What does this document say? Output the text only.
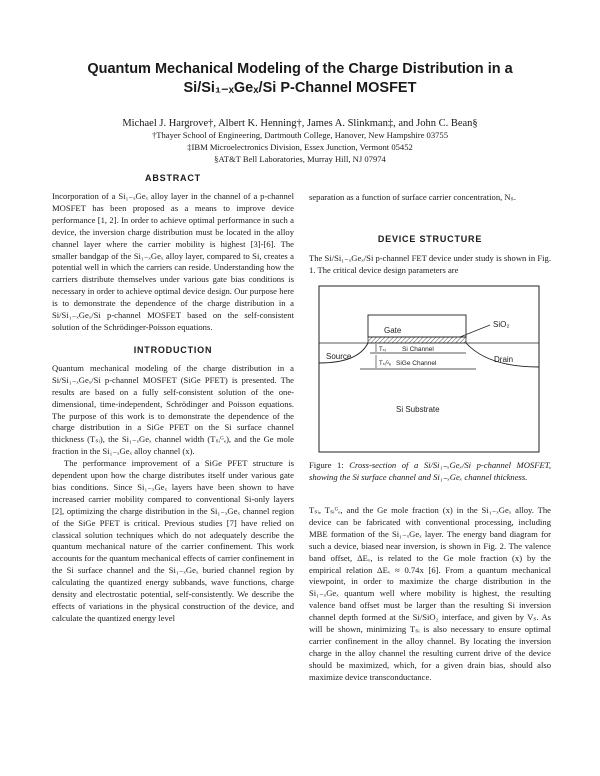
Quantum Mechanical Modeling of the Charge Distribution in a
Si/Si₁₋ₓGeₓ/Si P-Channel MOSFET
Michael J. Hargrove†, Albert K. Henning†, James A. Slinkman‡, and John C. Bean§
†Thayer School of Engineering, Dartmouth College, Hanover, New Hampshire 03755
‡IBM Microelectronics Division, Essex Junction, Vermont 05452
§AT&T Bell Laboratories, Murray Hill, NJ 07974
ABSTRACT

Incorporation of a Si₁₋ₓGeₓ alloy layer in the channel of a p-channel MOSFET has been proposed as a means to improve device performance [1, 2]. In order to achieve optimal performance in such a device, the inversion charge distribution must be located in the alloy channel layer where the carrier mobility is highest [3]-[6]. The smaller bandgap of the Si₁₋ₓGeₓ alloy layer, compared to Si, creates a potential well in which the carriers can reside. Understanding how the carriers distribute themselves under various gate bias conditions is necessary in order to achieve optimal device design. Our purpose here is to demonstrate the dependence of the charge distribution in a Si/Si₁₋ₓGeₓ/Si p-channel MOSFET based on the self-consistent solution of the Schrödinger-Poisson equations.

INTRODUCTION

Quantum mechanical modeling of the charge distribution in a Si/Si₁₋ₓGeₓ/Si p-channel MOSFET (SiGe PFET) is presented. The results are based on a fully self-consistent solution of the one-dimensional, time-independent, Schrödinger and Poisson equations. The purpose of this work is to demonstrate the dependence of the charge distribution in a SiGe PFET on the Si surface channel thickness (Tₛᵢ), the Si₁₋ₓGeₓ channel width (Tₛᵢᴳₑ), and the Ge mole fraction in the Si₁₋ₓGeₓ alloy channel (x).

The performance improvement of a SiGe PFET structure is dependent upon how the charge distributes itself under various gate bias conditions. Since Si₁₋ₓGeₓ layers have been shown to have increased carrier mobility compared to conventional Si-only layers [2], optimizing the charge distribution in the Si₁₋ₓGeₓ channel region of the SiGe PFET is critical. Previous studies [7] have relied on classical solution techniques which do not adequately describe the quantum mechanical nature of the carrier confinement. This work accounts for the quantum mechanical effects of carrier confinement in the Si surface channel and the Si₁₋ₓGeₓ buried channel region by calculating the quantized energy subbands, wave functions, charge density and electrostatic potential, self-consistently. We describe the effects of variations in the physical construction of the device, and calculate the quantized energy level

separation as a function of surface carrier concentration, Nₛ.
DEVICE STRUCTURE
The Si/Si₁₋ₓGeₓ/Si p-channel FET device under study is shown in Fig. 1. The critical device design parameters are
Gate
SiO₂
Source	Drain
Si Channel
SiGe Channel
Tₛᵢ
Tₛᵢᴳₑ
Si Substrate
Figure 1: Cross-section of a Si/Si₁₋ₓGeₓ/Si p-channel MOSFET, showing the Si surface channel and Si₁₋ₓGeₓ channel thickness.
Tₛᵢ, Tₛᵢᴳₑ, and the Ge mole fraction (x) in the Si₁₋ₓGeₓ alloy. The device can be fabricated with conventional processing, including MBE formation of the Si₁₋ₓGeₓ layer. The energy band diagram for such a device, biased near inversion, is shown in Fig. 2. The valence band offset, ΔEᵥ, is related to the Ge mole fraction (x) by the empirical relation ΔEᵥ ≈ 0.74x [6]. From a quantum mechanical viewpoint, in order to maximize the charge distribution in the Si₁₋ₓGeₓ quantum well where mobility is highest, the resulting valence band offset must be larger than the resulting Si inversion channel depth formed at the Si/SiO₂ interface, and given by Vₛ. As will be shown, minimizing Tₛᵢ is also necessary to ensure optimal carrier confinement in the alloy channel. By locating the inversion charge in the alloy channel the resulting current drive of the device should be maximized, which, for a given drain bias, should also maximize device transconductance.
